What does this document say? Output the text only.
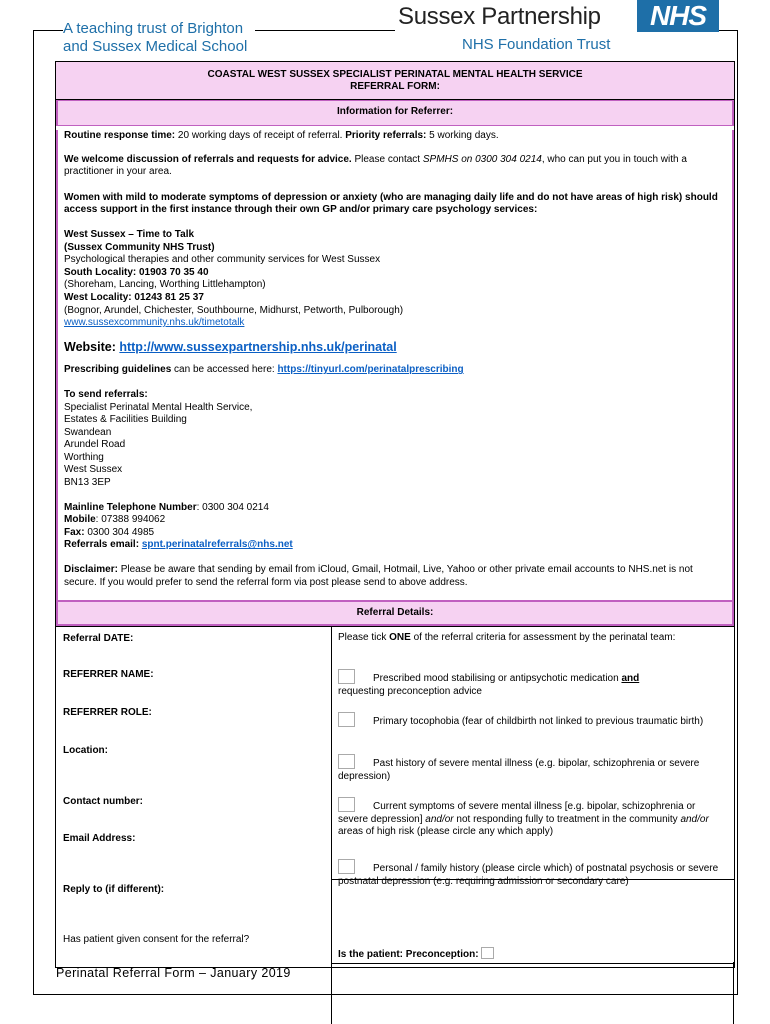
A teaching trust of Brighton
and Sussex Medical School
Sussex Partnership
NHS Foundation Trust
NHS
COASTAL WEST SUSSEX SPECIALIST PERINATAL MENTAL HEALTH SERVICE
REFERRAL FORM:
Information for Referrer:

Routine response time: 20 working days of receipt of referral. Priority referrals: 5 working days.

We welcome discussion of referrals and requests for advice. Please contact SPMHS on 0300 304 0214, who can put you in touch with a practitioner in your area.

Women with mild to moderate symptoms of depression or anxiety (who are managing daily life and do not have areas of high risk) should access support in the first instance through their own GP and/or primary care psychology services:

West Sussex – Time to Talk

(Sussex Community NHS Trust)

Psychological therapies and other community services for West Sussex

South Locality: 01903 70 35 40

(Shoreham, Lancing, Worthing Littlehampton)

West Locality: 01243 81 25 37

(Bognor, Arundel, Chichester, Southbourne, Midhurst, Petworth, Pulborough)

www.sussexcommunity.nhs.uk/timetotalk

Website: http://www.sussexpartnership.nhs.uk/perinatal

Prescribing guidelines can be accessed here: https://tinyurl.com/perinatalprescribing

To send referrals:

Specialist Perinatal Mental Health Service,

Estates & Facilities Building

Swandean

Arundel Road

Worthing

West Sussex

BN13 3EP

Mainline Telephone Number: 0300 304 0214

Mobile: 07388 994062

Fax: 0300 304 4985

Referrals email: spnt.perinatalreferrals@nhs.net

Disclaimer: Please be aware that sending by email from iCloud, Gmail, Hotmail, Live, Yahoo or other private email accounts to NHS.net is not secure. If you would prefer to send the referral form via post please send to above address.

Referral Details:
Referral DATE:
REFERRER NAME:
REFERRER ROLE:
Location:
Contact number:
Email Address:
Reply to (if different):
Has patient given consent for the referral?
Please tick ONE of the referral criteria for assessment by the perinatal team:
Prescribed mood stabilising or antipsychotic medication and
requesting preconception advice
Primary tocophobia (fear of childbirth not linked to previous traumatic birth)
Past history of severe mental illness (e.g. bipolar, schizophrenia or severe depression)
Current symptoms of severe mental illness [e.g. bipolar, schizophrenia or severe depression] and/or not responding fully to treatment in the community and/or areas of high risk (please circle any which apply)
Personal / family history (please circle which) of postnatal psychosis or severe postnatal depression (e.g. requiring admission or secondary care)
Is the patient: Preconception:
Perinatal Referral Form – January 2019
